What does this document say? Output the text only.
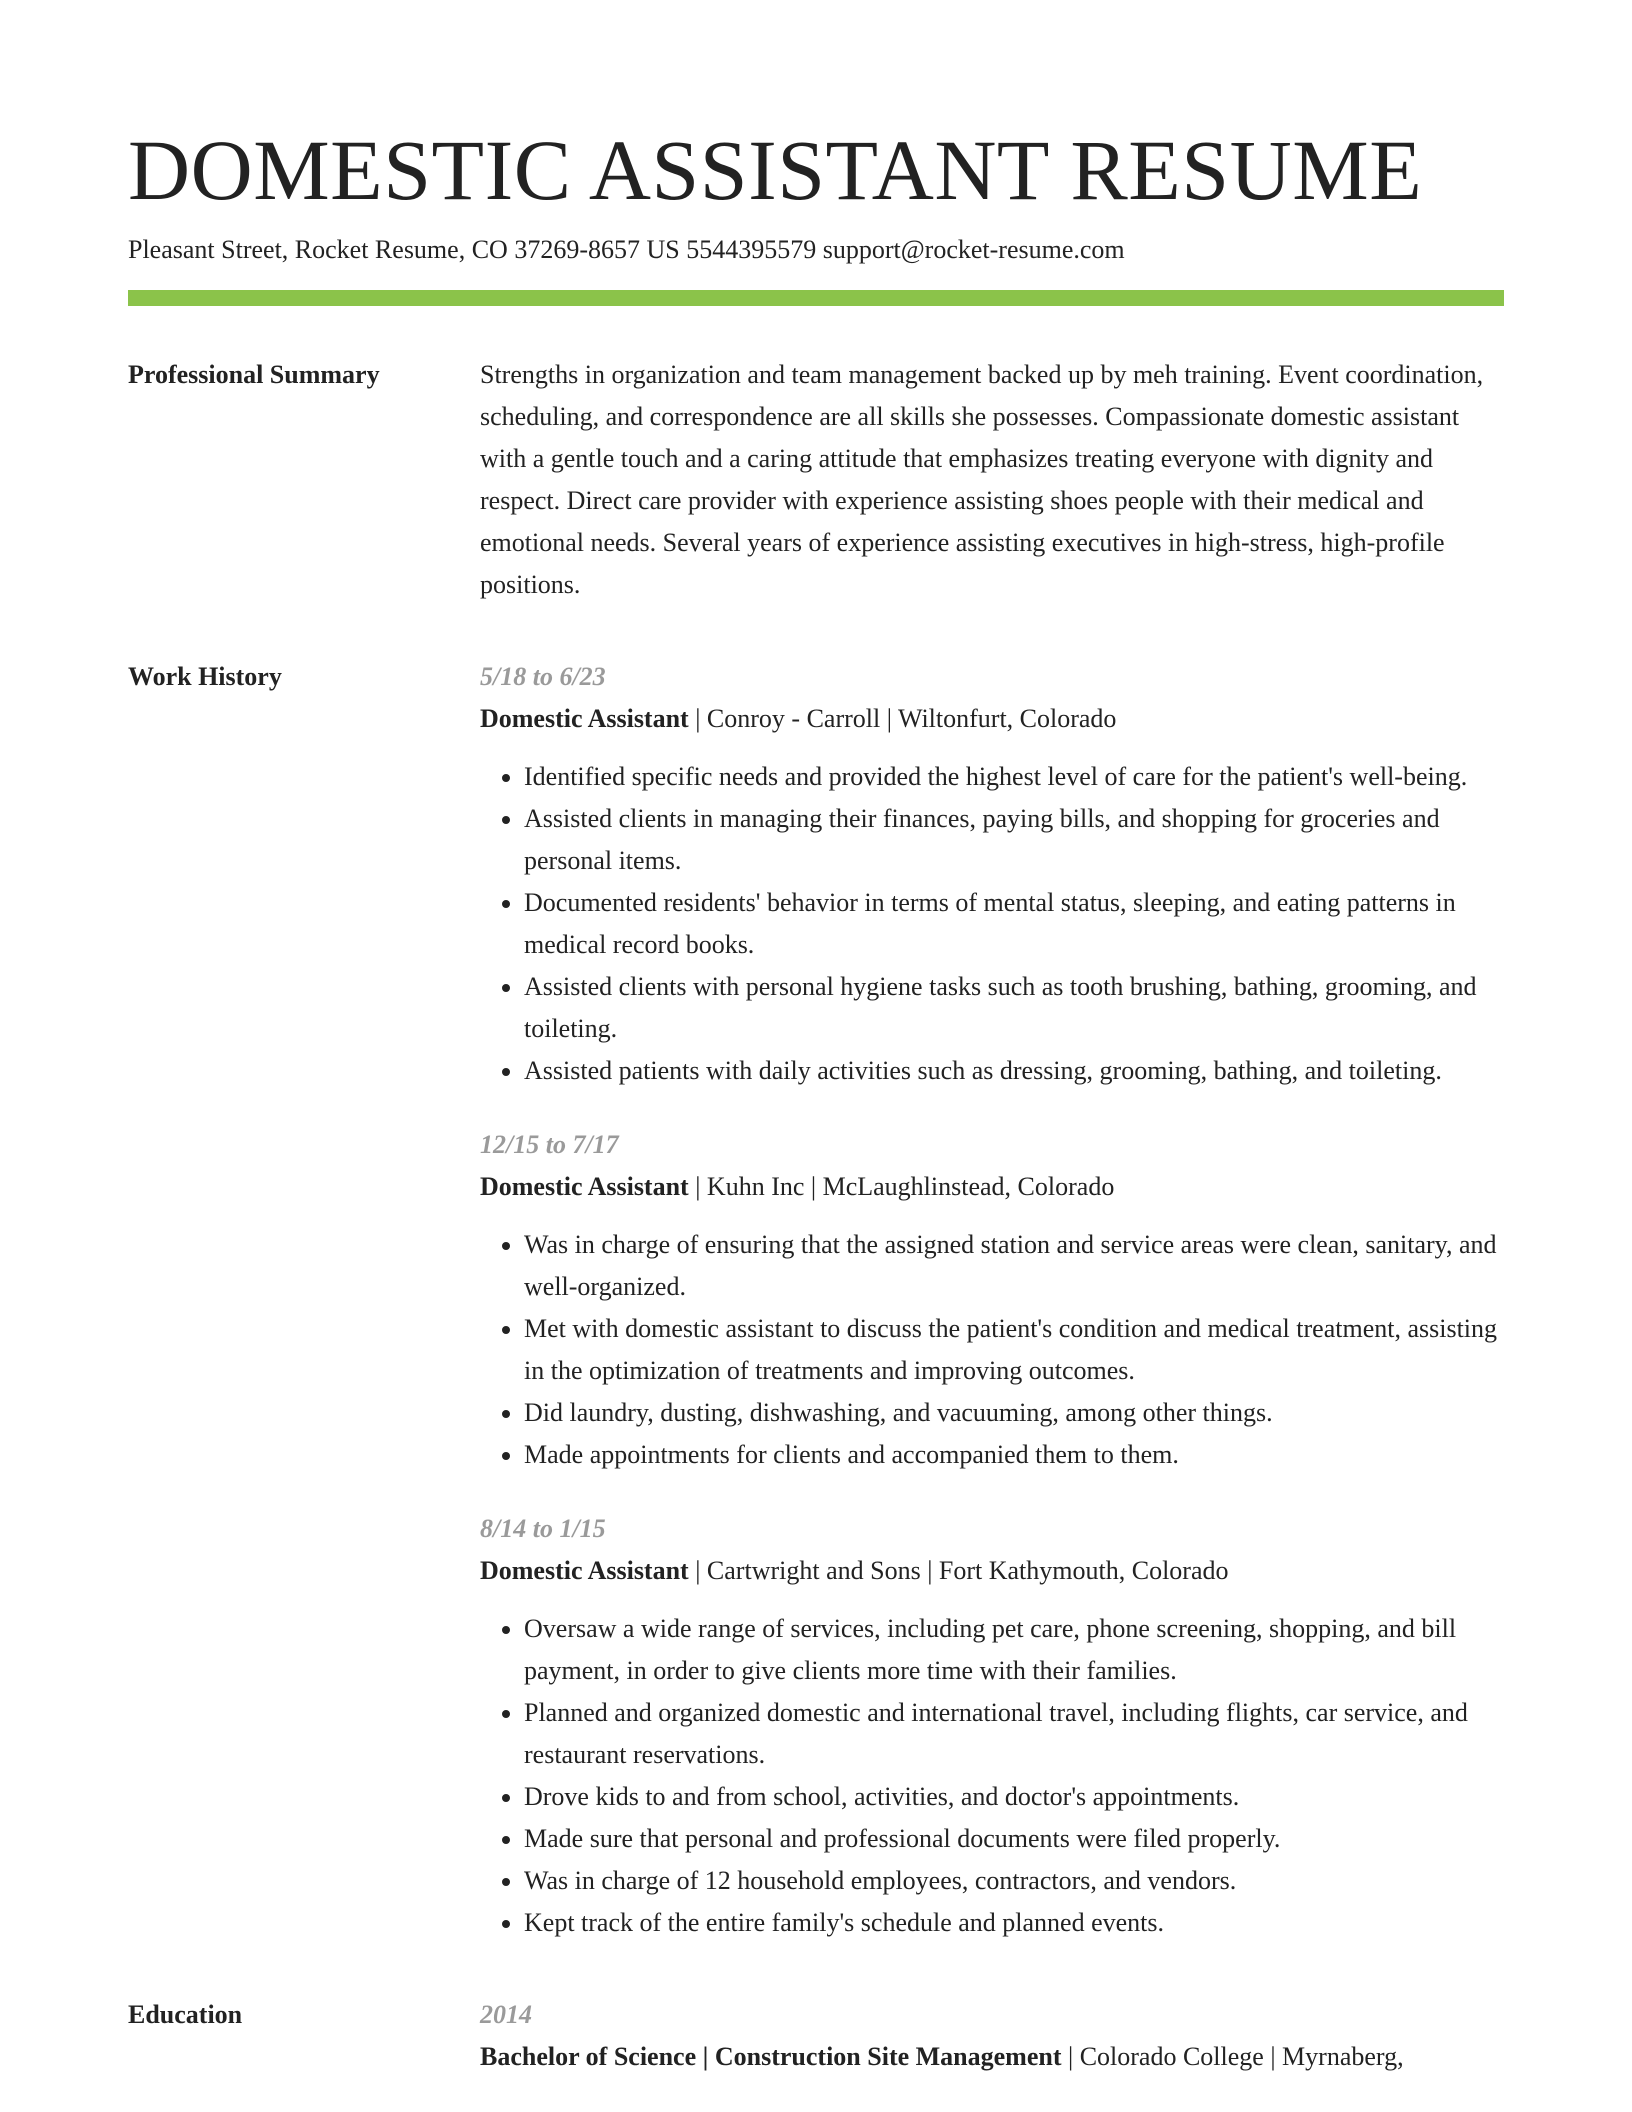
DOMESTIC ASSISTANT RESUME
Pleasant Street, Rocket Resume, CO 37269-8657 US 5544395579 support@rocket-resume.com
Professional Summary	Strengths in organization and team management backed up by meh training. Event coordination, scheduling, and correspondence are all skills she possesses. Compassionate domestic assistant with a gentle touch and a caring attitude that emphasizes treating everyone with dignity and respect. Direct care provider with experience assisting shoes people with their medical and emotional needs. Several years of experience assisting executives in high-stress, high-profile positions.

Work History	5/18 to 6/23
Domestic Assistant | Conroy - Carroll | Wiltonfurt, Colorado
• Identified specific needs and provided the highest level of care for the patient's well-being.
• Assisted clients in managing their finances, paying bills, and shopping for groceries and personal items.
• Documented residents' behavior in terms of mental status, sleeping, and eating patterns in medical record books.
• Assisted clients with personal hygiene tasks such as tooth brushing, bathing, grooming, and toileting.
• Assisted patients with daily activities such as dressing, grooming, bathing, and toileting.
12/15 to 7/17
Domestic Assistant | Kuhn Inc | McLaughlinstead, Colorado
• Was in charge of ensuring that the assigned station and service areas were clean, sanitary, and well-organized.
• Met with domestic assistant to discuss the patient's condition and medical treatment, assisting in the optimization of treatments and improving outcomes.
• Did laundry, dusting, dishwashing, and vacuuming, among other things.
• Made appointments for clients and accompanied them to them.
8/14 to 1/15
Domestic Assistant | Cartwright and Sons | Fort Kathymouth, Colorado
• Oversaw a wide range of services, including pet care, phone screening, shopping, and bill payment, in order to give clients more time with their families.
• Planned and organized domestic and international travel, including flights, car service, and restaurant reservations.
• Drove kids to and from school, activities, and doctor's appointments.
• Made sure that personal and professional documents were filed properly.
• Was in charge of 12 household employees, contractors, and vendors.
• Kept track of the entire family's schedule and planned events.
Education	2014
Bachelor of Science | Construction Site Management | Colorado College | Myrnaberg,
